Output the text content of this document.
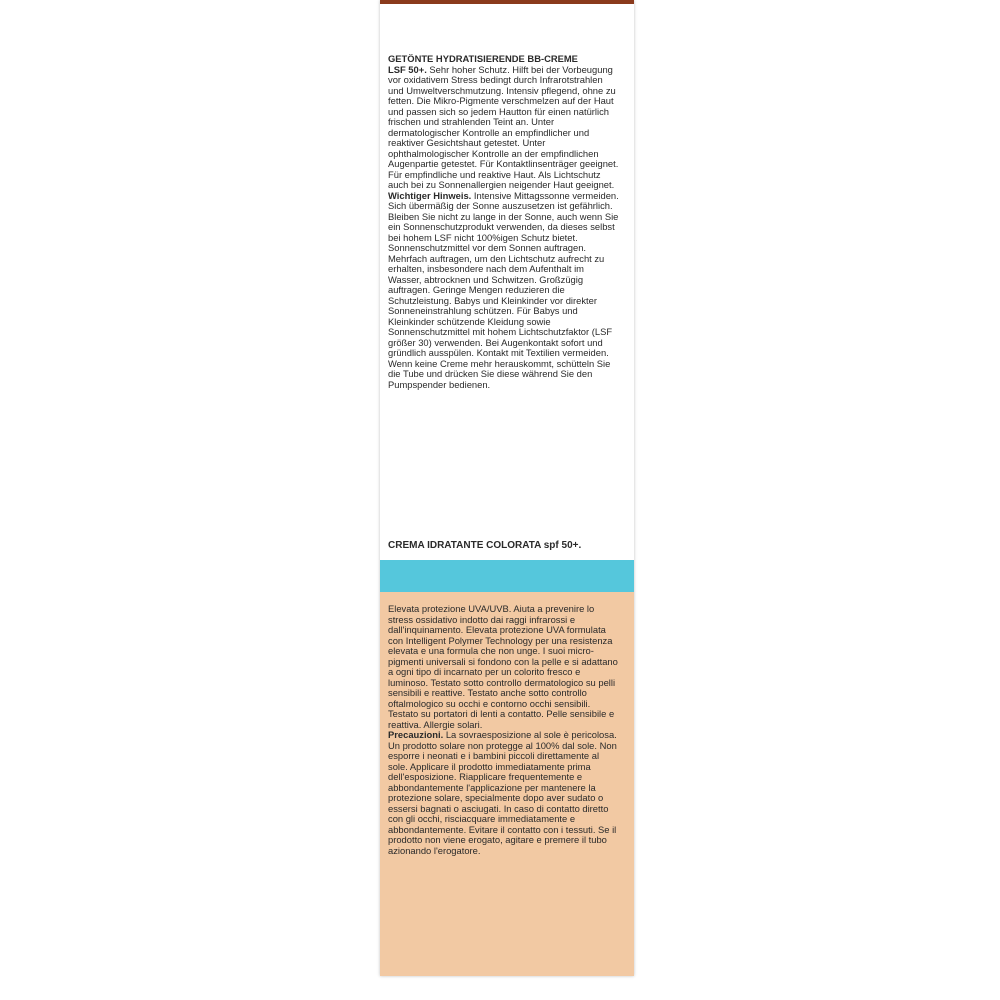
GETÖNTE HYDRATISIERENDE BB-CREME

LSF 50+. Sehr hoher Schutz. Hilft bei der Vorbeugung vor oxidativem Stress bedingt durch Infrarotstrahlen und Umweltverschmutzung. Intensiv pflegend, ohne zu fetten. Die Mikro-Pigmente verschmelzen auf der Haut und passen sich so jedem Hautton für einen natürlich frischen und strahlenden Teint an. Unter dermatologischer Kontrolle an empfindlicher und reaktiver Gesichtshaut getestet. Unter ophthalmologischer Kontrolle an der empfindlichen Augenpartie getestet. Für Kontaktlinsenträger geeignet. Für empfindliche und reaktive Haut. Als Lichtschutz auch bei zu Sonnenallergien neigender Haut geeignet.

Wichtiger Hinweis. Intensive Mittagssonne vermeiden. Sich übermäßig der Sonne auszusetzen ist gefährlich. Bleiben Sie nicht zu lange in der Sonne, auch wenn Sie ein Sonnenschutzprodukt verwenden, da dieses selbst bei hohem LSF nicht 100%igen Schutz bietet. Sonnenschutzmittel vor dem Sonnen auftragen. Mehrfach auftragen, um den Lichtschutz aufrecht zu erhalten, insbesondere nach dem Aufenthalt im Wasser, abtrocknen und Schwitzen. Großzügig auftragen. Geringe Mengen reduzieren die Schutzleistung. Babys und Kleinkinder vor direkter Sonneneinstrahlung schützen. Für Babys und Kleinkinder schützende Kleidung sowie Sonnenschutzmittel mit hohem Lichtschutzfaktor (LSF größer 30) verwenden. Bei Augenkontakt sofort und gründlich ausspülen. Kontakt mit Textilien vermeiden. Wenn keine Creme mehr herauskommt, schütteln Sie die Tube und drücken Sie diese während Sie den Pumpspender bedienen.

CREMA IDRATANTE COLORATA spf 50+.

Elevata protezione UVA/UVB. Aiuta a prevenire lo stress ossidativo indotto dai raggi infrarossi e dall'inquinamento. Elevata protezione UVA formulata con Intelligent Polymer Technology per una resistenza elevata e una formula che non unge. I suoi micro-pigmenti universali si fondono con la pelle e si adattano a ogni tipo di incarnato per un colorito fresco e luminoso. Testato sotto controllo dermatologico su pelli sensibili e reattive. Testato anche sotto controllo oftalmologico su occhi e contorno occhi sensibili. Testato su portatori di lenti a contatto. Pelle sensibile e reattiva. Allergie solari.

Precauzioni. La sovraesposizione al sole è pericolosa. Un prodotto solare non protegge al 100% dal sole. Non esporre i neonati e i bambini piccoli direttamente al sole. Applicare il prodotto immediatamente prima dell'esposizione. Riapplicare frequentemente e abbondantemente l'applicazione per mantenere la protezione solare, specialmente dopo aver sudato o essersi bagnati o asciugati. In caso di contatto diretto con gli occhi, risciacquare immediatamente e abbondantemente. Evitare il contatto con i tessuti. Se il prodotto non viene erogato, agitare e premere il tubo azionando l'erogatore.
